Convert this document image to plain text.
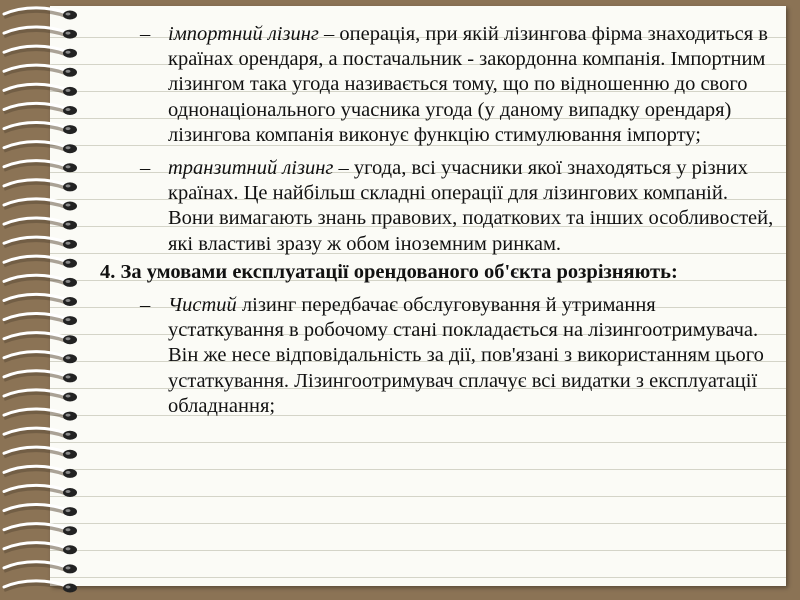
– імпортний лізинг – операція, при якій лізингова фірма знаходиться в країнах орендаря, а постачальник - закордонна компанія. Імпортним лізингом така угода називається тому, що по відношенню до свого однонаціонального учасника угода (у даному випадку орендаря) лізингова компанія виконує функцію стимулювання імпорту;
– транзитний лізинг – угода, всі учасники якої знаходяться у різних країнах. Це найбільш складні операції для лізингових компаній. Вони вимагають знань правових, податкових та інших особливостей, які властиві зразу ж обом іноземним ринкам.
4. За умовами експлуатації орендованого об'єкта розрізняють:
– Чистий лізинг передбачає обслуговування й утримання устаткування в робочому стані покладається на лізингоотримувача. Він же несе відповідальність за дії, пов'язані з використанням цього устаткування. Лізингоотримувач сплачує всі видатки з експлуатації обладнання;
